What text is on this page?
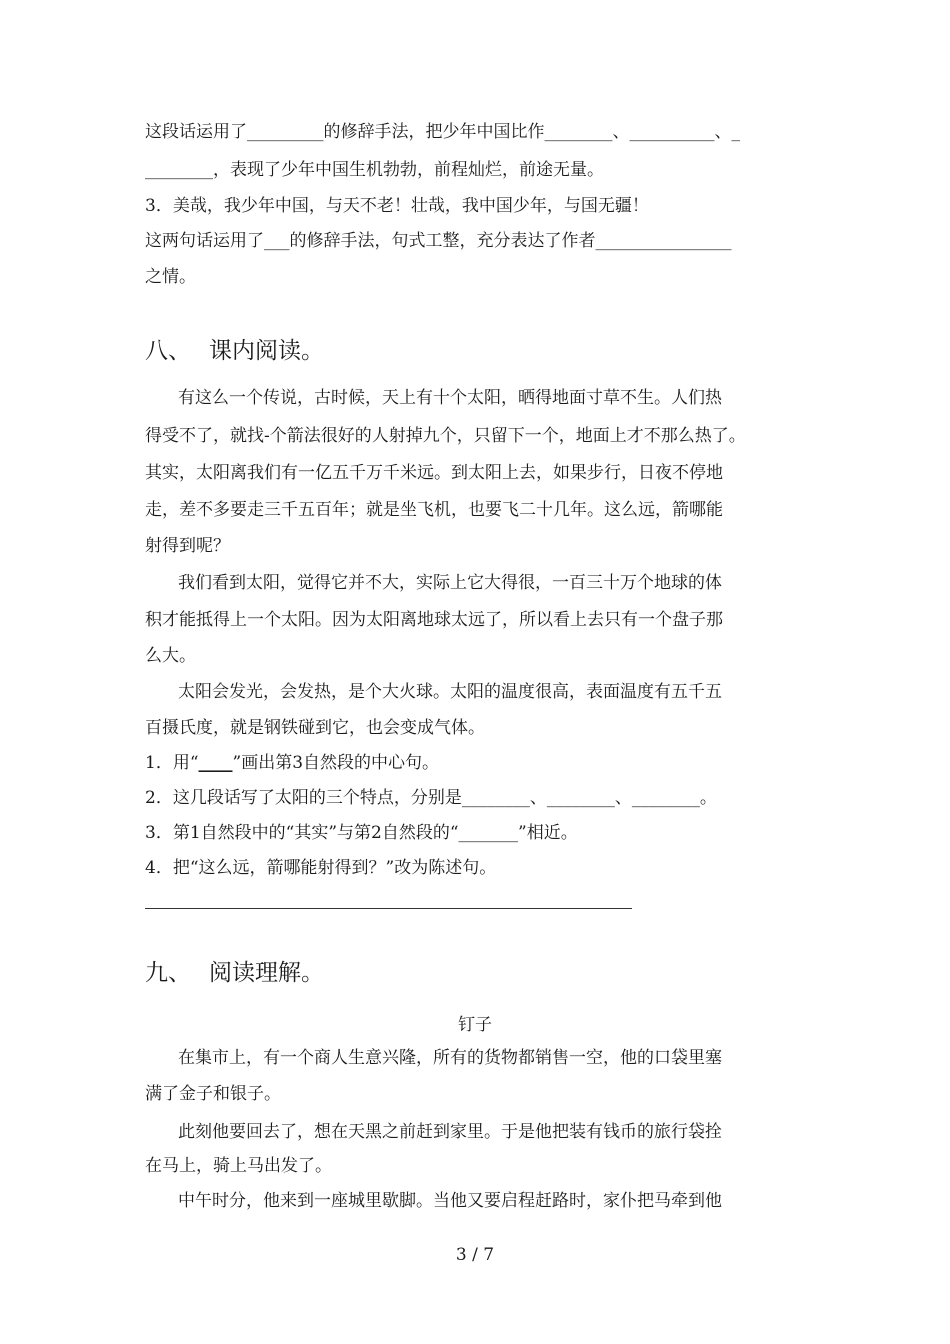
这段话运用了_________的修辞手法，把少年中国比作________、__________、_
________，表现了少年中国生机勃勃，前程灿烂，前途无量。
3．美哉，我少年中国，与天不老！壮哉，我中国少年，与国无疆！
这两句话运用了___的修辞手法，句式工整，充分表达了作者________________
之情。
八、 课内阅读。
有这么一个传说，古时候，天上有十个太阳，晒得地面寸草不生。人们热
得受不了，就找-个箭法很好的人射掉九个，只留下一个，地面上才不那么热了。
其实，太阳离我们有一亿五千万千米远。到太阳上去，如果步行，日夜不停地
走，差不多要走三千五百年；就是坐飞机，也要飞二十几年。这么远，箭哪能
射得到呢？
我们看到太阳，觉得它并不大，实际上它大得很，一百三十万个地球的体
积才能抵得上一个太阳。因为太阳离地球太远了，所以看上去只有一个盘子那
么大。
太阳会发光，会发热，是个大火球。太阳的温度很高，表面温度有五千五
百摄氏度，就是钢铁碰到它，也会变成气体。
1．用“____”画出第3自然段的中心句。
2．这几段话写了太阳的三个特点，分别是________、________、________。
3．第1自然段中的“其实”与第2自然段的“_______”相近。
4．把“这么远，箭哪能射得到？”改为陈述句。
九、 阅读理解。
钉子
在集市上，有一个商人生意兴隆，所有的货物都销售一空，他的口袋里塞
满了金子和银子。
此刻他要回去了，想在天黑之前赶到家里。于是他把装有钱币的旅行袋拴
在马上，骑上马出发了。
中午时分，他来到一座城里歇脚。当他又要启程赶路时，家仆把马牵到他
3 / 7
